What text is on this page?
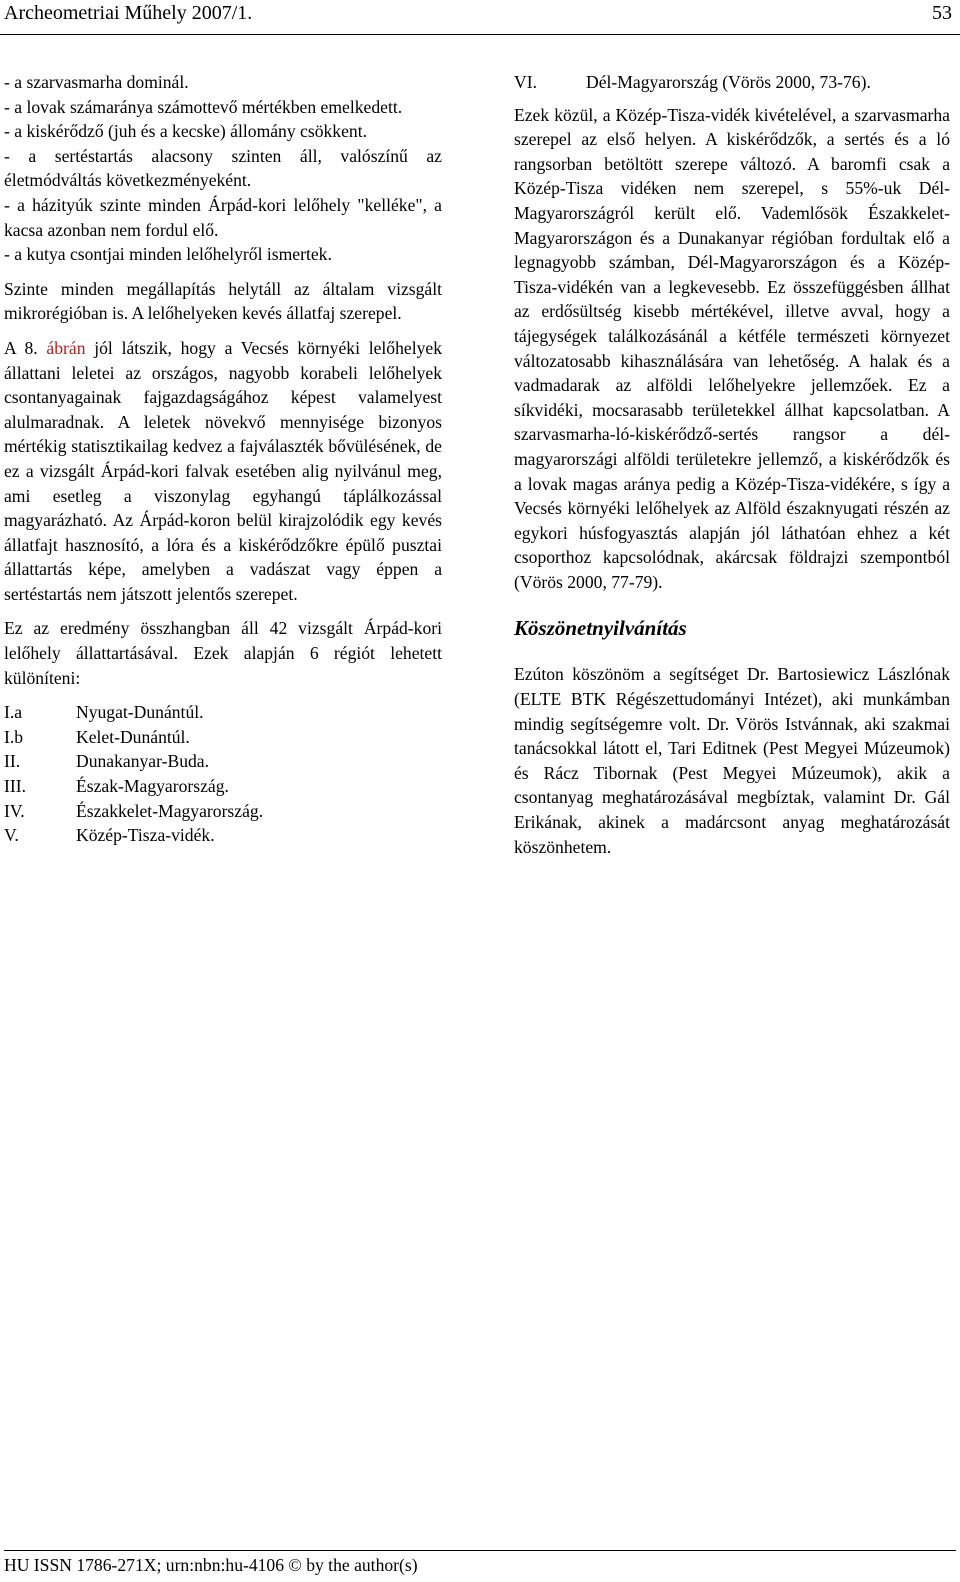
Archeometriai Műhely 2007/1.	53
- a szarvasmarha dominál.
- a lovak számaránya számottevő mértékben emelkedett.
- a kiskérődző (juh és a kecske) állomány csökkent.
- a sertéstartás alacsony szinten áll, valószínű az életmódváltás következményeként.
- a házityúk szinte minden Árpád-kori lelőhely "kelléke", a kacsa azonban nem fordul elő.
- a kutya csontjai minden lelőhelyről ismertek.

Szinte minden megállapítás helytáll az általam vizsgált mikrorégióban is. A lelőhelyeken kevés állatfaj szerepel.

A 8. ábrán jól látszik, hogy a Vecsés környéki lelőhelyek állattani leletei az országos, nagyobb korabeli lelőhelyek csontanyagainak fajgazdagságához képest valamelyest alulmaradnak. A leletek növekvő mennyisége bizonyos mértékig statisztikailag kedvez a fajválaszték bővülésének, de ez a vizsgált Árpád-kori falvak esetében alig nyilvánul meg, ami esetleg a viszonylag egyhangú táplálkozással magyarázható. Az Árpád-koron belül kirajzolódik egy kevés állatfajt hasznosító, a lóra és a kiskérődzőkre épülő pusztai állattartás képe, amelyben a vadászat vagy éppen a sertéstartás nem játszott jelentős szerepet.

Ez az eredmény összhangban áll 42 vizsgált Árpád-kori lelőhely állattartásával. Ezek alapján 6 régiót lehetett különíteni:

I.a	Nyugat-Dunántúl.
I.b	Kelet-Dunántúl.
II.	Dunakanyar-Buda.
III.	Észak-Magyarország.
IV.	Északkelet-Magyarország.
V.	Közép-Tisza-vidék.
VI.	Dél-Magyarország (Vörös 2000, 73-76).

Ezek közül, a Közép-Tisza-vidék kivételével, a szarvasmarha szerepel az első helyen. A kiskérődzők, a sertés és a ló rangsorban betöltött szerepe változó. A baromfi csak a Közép-Tisza vidéken nem szerepel, s 55%-uk Dél-Magyarországról került elő. Vademlősök Északkelet-Magyarországon és a Dunakanyar régióban fordultak elő a legnagyobb számban, Dél-Magyarországon és a Közép-Tisza-vidékén van a legkevesebb. Ez összefüggésben állhat az erdősültség kisebb mértékével, illetve avval, hogy a tájegységek találkozásánál a kétféle természeti környezet változatosabb kihasználására van lehetőség. A halak és a vadmadarak az alföldi lelőhelyekre jellemzőek. Ez a síkvidéki, mocsarasabb területekkel állhat kapcsolatban. A szarvasmarha-ló-kiskérődző-sertés rangsor a dél-magyarországi alföldi területekre jellemző, a kiskérődzők és a lovak magas aránya pedig a Közép-Tisza-vidékére, s így a Vecsés környéki lelőhelyek az Alföld északnyugati részén az egykori húsfogyasztás alapján jól láthatóan ehhez a két csoporthoz kapcsolódnak, akárcsak földrajzi szempontból (Vörös 2000, 77-79).

Köszönetnyilvánítás

Ezúton köszönöm a segítséget Dr. Bartosiewicz Lászlónak (ELTE BTK Régészettudományi Intézet), aki munkámban mindig segítségemre volt. Dr. Vörös Istvánnak, aki szakmai tanácsokkal látott el, Tari Editnek (Pest Megyei Múzeumok) és Rácz Tibornak (Pest Megyei Múzeumok), akik a csontanyag meghatározásával megbíztak, valamint Dr. Gál Erikának, akinek a madárcsont anyag meghatározását köszönhetem.

HU ISSN 1786-271X; urn:nbn:hu-4106 © by the author(s)
